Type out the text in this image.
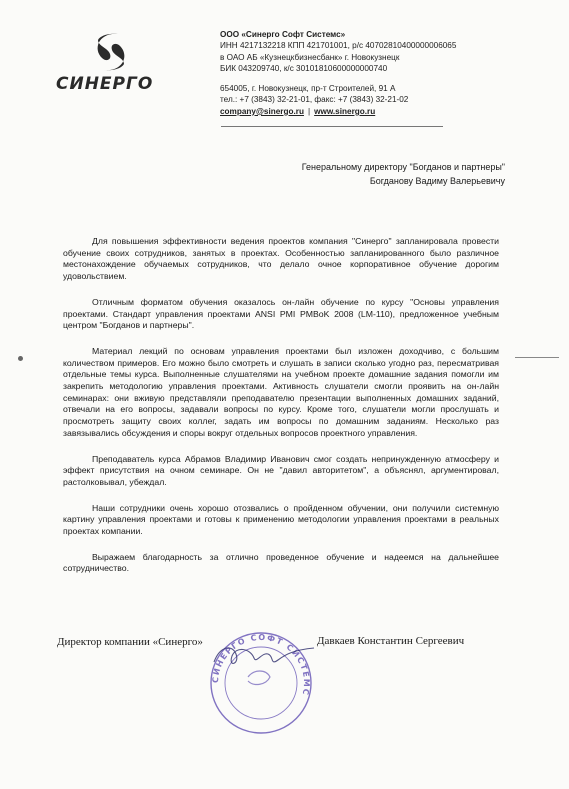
СИНЕРГО
ООО «Синерго Софт Системс»
ИНН 4217132218 КПП 421701001, р/с 40702810400000006065
в ОАО АБ «Кузнецкбизнесбанк» г. Новокузнецк
БИК 043209740, к/с 30101810600000000740
654005, г. Новокузнецк, пр-т Строителей, 91 А
тел.: +7 (3843) 32-21-01, факс: +7 (3843) 32-21-02
company@sinergo.ru | www.sinergo.ru
Генеральному директору "Богданов и партнеры"
Богданову Вадиму Валерьевичу

Для повышения эффективности ведения проектов компания "Синерго" запланировала провести обучение своих сотрудников, занятых в проектах. Особенностью запланированного было различное местонахождение обучаемых сотрудников, что делало очное корпоративное обучение дорогим удовольствием.

Отличным форматом обучения оказалось он-лайн обучение по курсу "Основы управления проектами. Стандарт управления проектами ANSI PMI PMBoK 2008 (LM-110), предложенное учебным центром "Богданов и партнеры".

Материал лекций по основам управления проектами был изложен доходчиво, с большим количеством примеров. Его можно было смотреть и слушать в записи сколько угодно раз, пересматривая отдельные темы курса. Выполненные слушателями на учебном проекте домашние задания помогли им закрепить методологию управления проектами. Активность слушатели смогли проявить на он-лайн семинарах: они вживую представляли преподавателю презентации выполненных домашних заданий, отвечали на его вопросы, задавали вопросы по курсу. Кроме того, слушатели могли прослушать и просмотреть защиту своих коллег, задать им вопросы по домашним заданиям. Несколько раз завязывались обсуждения и споры вокруг отдельных вопросов проектного управления.

Преподаватель курса Абрамов Владимир Иванович смог создать непринужденную атмосферу и эффект присутствия на очном семинаре. Он не "давил авторитетом", а объяснял, аргументировал, растолковывал, убеждал.

Наши сотрудники очень хорошо отозвались о пройденном обучении, они получили системную картину управления проектами и готовы к применению методологии управления проектами в реальных проектах компании.

Выражаем благодарность за отлично проведенное обучение и надеемся на дальнейшее сотрудничество.

Директор компании «Синерго»
СИНЕРГО СОФТ СИСТЕМС
Давкаев Константин Сергеевич
